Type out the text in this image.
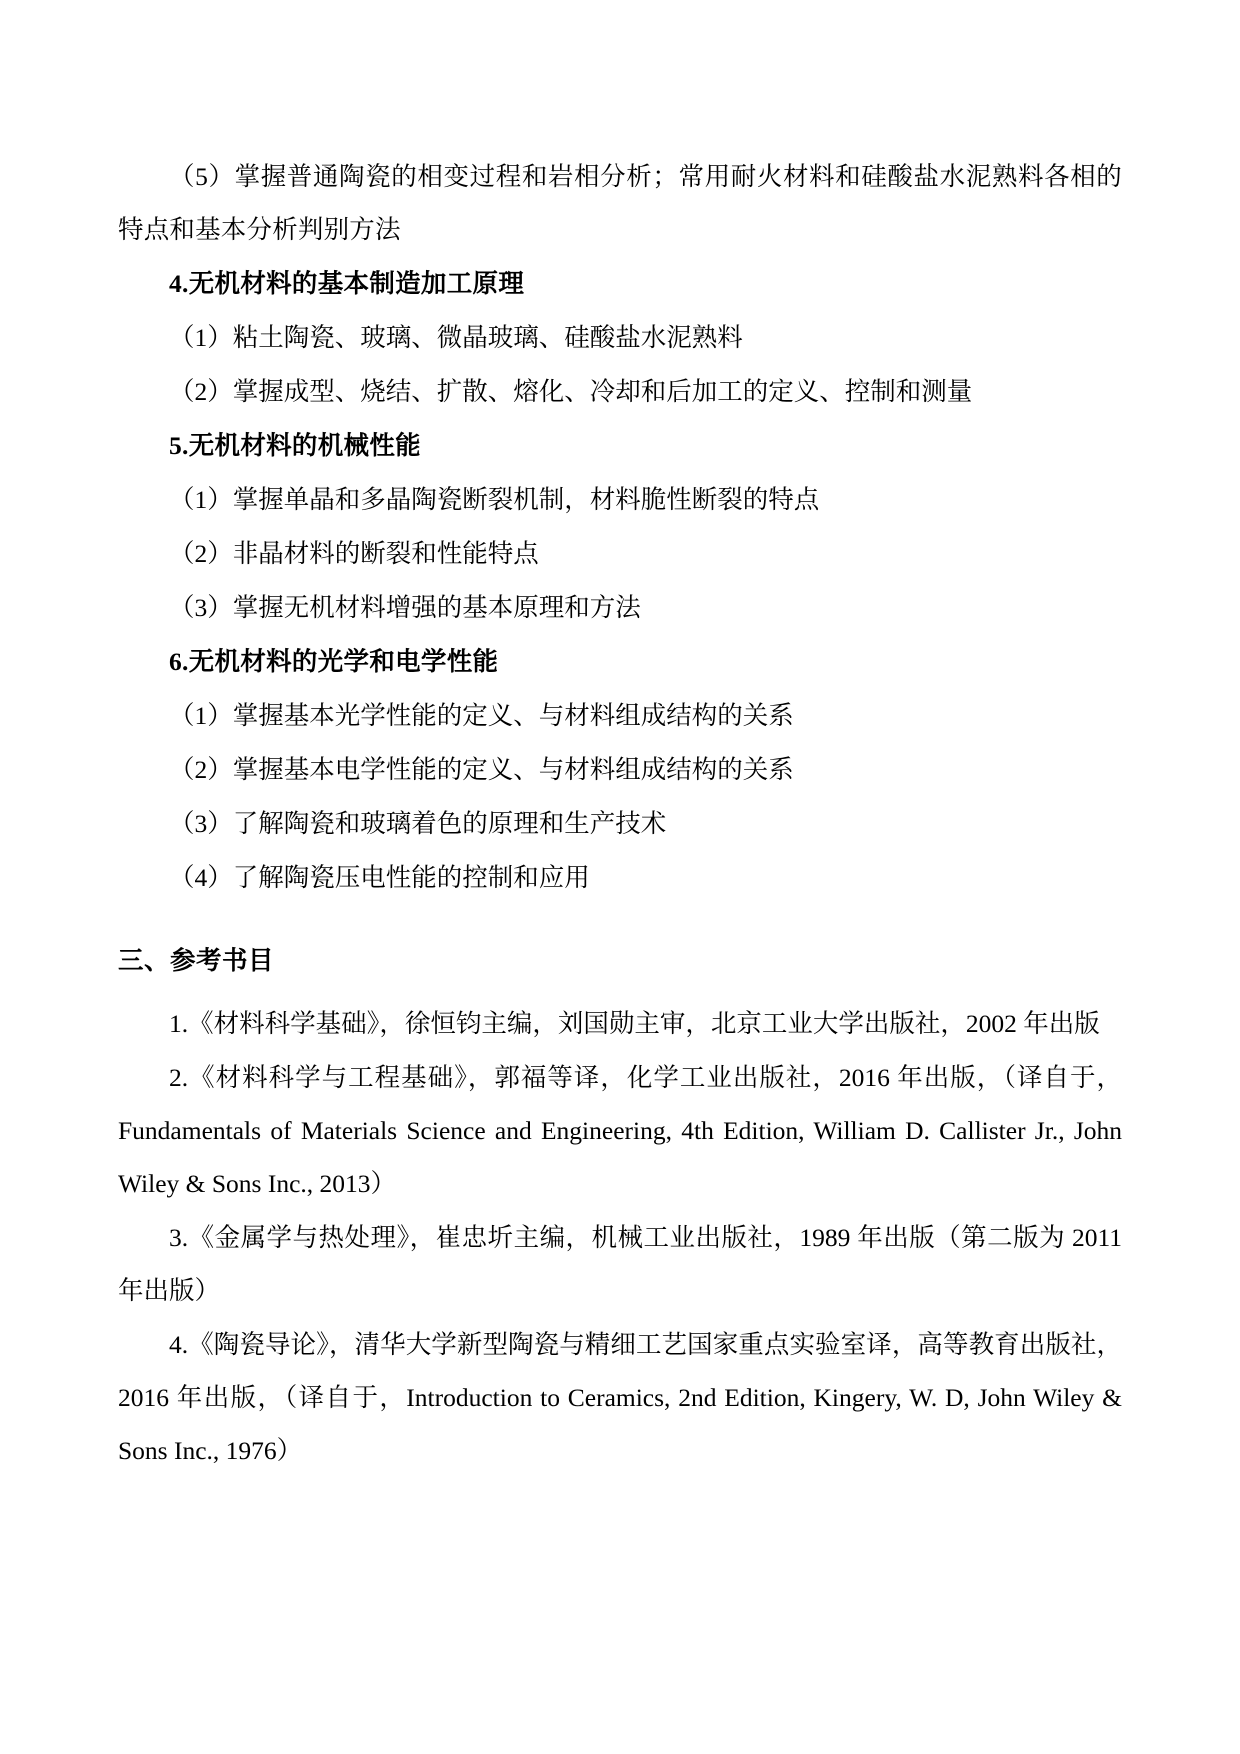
（5）掌握普通陶瓷的相变过程和岩相分析；常用耐火材料和硅酸盐水泥熟料各相的特点和基本分析判别方法

4.无机材料的基本制造加工原理

（1）粘土陶瓷、玻璃、微晶玻璃、硅酸盐水泥熟料

（2）掌握成型、烧结、扩散、熔化、冷却和后加工的定义、控制和测量

5.无机材料的机械性能

（1）掌握单晶和多晶陶瓷断裂机制，材料脆性断裂的特点

（2）非晶材料的断裂和性能特点

（3）掌握无机材料增强的基本原理和方法

6.无机材料的光学和电学性能

（1）掌握基本光学性能的定义、与材料组成结构的关系

（2）掌握基本电学性能的定义、与材料组成结构的关系

（3）了解陶瓷和玻璃着色的原理和生产技术

（4）了解陶瓷压电性能的控制和应用

三、参考书目

1.《材料科学基础》，徐恒钧主编，刘国勋主审，北京工业大学出版社，2002 年出版

2.《材料科学与工程基础》，郭福等译，化学工业出版社，2016 年出版，（译自于，Fundamentals of Materials Science and Engineering, 4th Edition, William D. Callister Jr., John Wiley & Sons Inc., 2013）

3.《金属学与热处理》，崔忠圻主编，机械工业出版社，1989 年出版（第二版为 2011 年出版）

4.《陶瓷导论》，清华大学新型陶瓷与精细工艺国家重点实验室译，高等教育出版社，2016 年出版，（译自于，Introduction to Ceramics, 2nd Edition, Kingery, W. D, John Wiley & Sons Inc., 1976）
